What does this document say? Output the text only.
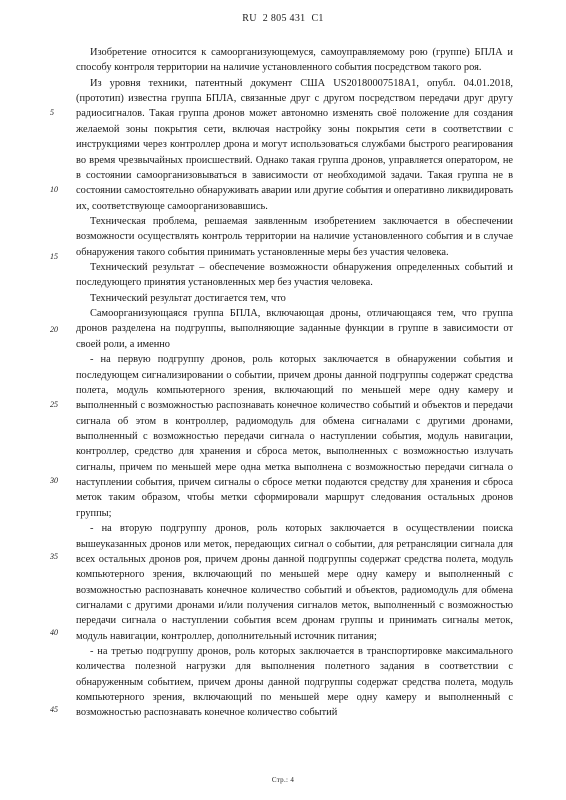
RU 2 805 431 C1
5
10
15
20
25
30
35
40
45

Изобретение относится к самоорганизующемуся, самоуправляемому рою (группе) БПЛА и способу контроля территории на наличие установленного события посредством такого роя.

Из уровня техники, патентный документ США US20180007518A1, опубл. 04.01.2018, (прототип) известна группа БПЛА, связанные друг с другом посредством передачи друг другу радиосигналов. Такая группа дронов может автономно изменять своё положение для создания желаемой зоны покрытия сети, включая настройку зоны покрытия сети в соответствии с инструкциями через контроллер дрона и могут использоваться службами быстрого реагирования во время чрезвычайных происшествий. Однако такая группа дронов, управляется оператором, не в состоянии самоорганизовываться в зависимости от необходимой задачи. Такая группа не в состоянии самостоятельно обнаруживать аварии или другие события и оперативно ликвидировать их, соответствующе самоорганизовавшись.

Техническая проблема, решаемая заявленным изобретением заключается в обеспечении возможности осуществлять контроль территории на наличие установленного события и в случае обнаружения такого события принимать установленные меры без участия человека.

Технический результат – обеспечение возможности обнаружения определенных событий и последующего принятия установленных мер без участия человека.

Технический результат достигается тем, что

Самоорганизующаяся группа БПЛА, включающая дроны, отличающаяся тем, что группа дронов разделена на подгруппы, выполняющие заданные функции в группе в зависимости от своей роли, а именно

- на первую подгруппу дронов, роль которых заключается в обнаружении события и последующем сигнализировании о событии, причем дроны данной подгруппы содержат средства полета, модуль компьютерного зрения, включающий по меньшей мере одну камеру и выполненный с возможностью распознавать конечное количество событий и объектов и передачи сигнала об этом в контроллер, радиомодуль для обмена сигналами с другими дронами, выполненный с возможностью передачи сигнала о наступлении события, модуль навигации, контроллер, средство для хранения и сброса меток, выполненных с возможностью излучать сигналы, причем по меньшей мере одна метка выполнена с возможностью передачи сигнала о наступлении события, причем сигналы о сбросе метки подаются средству для хранения и сброса меток таким образом, чтобы метки сформировали маршрут следования остальных дронов группы;

- на вторую подгруппу дронов, роль которых заключается в осуществлении поиска вышеуказанных дронов или меток, передающих сигнал о событии, для ретрансляции сигнала для всех остальных дронов роя, причем дроны данной подгруппы содержат средства полета, модуль компьютерного зрения, включающий по меньшей мере одну камеру и выполненный с возможностью распознавать конечное количество событий и объектов, радиомодуль для обмена сигналами с другими дронами и/или получения сигналов меток, выполненный с возможностью передачи сигнала о наступлении события всем дронам группы и принимать сигналы меток, модуль навигации, контроллер, дополнительный источник питания;

- на третью подгруппу дронов, роль которых заключается в транспортировке максимального количества полезной нагрузки для выполнения полетного задания в соответствии с обнаруженным событием, причем дроны данной подгруппы содержат средства полета, модуль компьютерного зрения, включающий по меньшей мере одну камеру и выполненный с возможностью распознавать конечное количество событий

Стр.: 4
